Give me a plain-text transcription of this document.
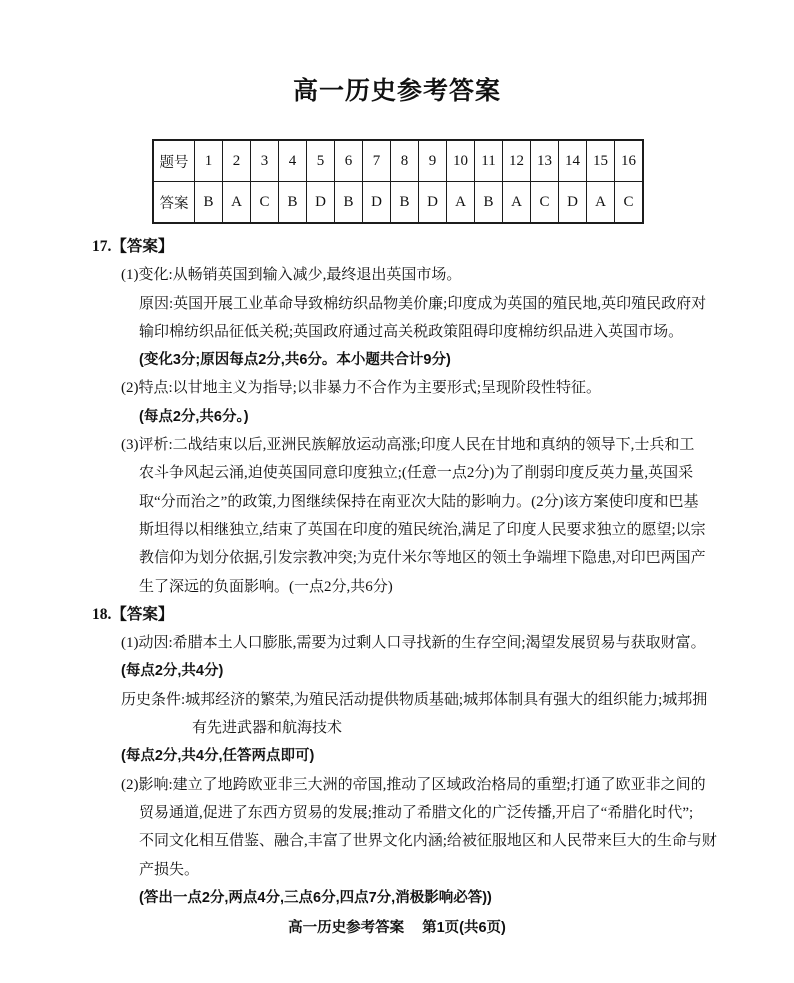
高一历史参考答案
题号	1	2	3	4	5	6	7	8	9	10	11	12	13	14	15	16
答案	B	A	C	B	D	B	D	B	D	A	B	A	C	D	A	C
17.【答案】
(1)变化:从畅销英国到输入减少,最终退出英国市场。
原因:英国开展工业革命导致棉纺织品物美价廉;印度成为英国的殖民地,英印殖民政府对
输印棉纺织品征低关税;英国政府通过高关税政策阻碍印度棉纺织品进入英国市场。
(变化3分;原因每点2分,共6分。本小题共合计9分)
(2)特点:以甘地主义为指导;以非暴力不合作为主要形式;呈现阶段性特征。
(每点2分,共6分。)
(3)评析:二战结束以后,亚洲民族解放运动高涨;印度人民在甘地和真纳的领导下,士兵和工
农斗争风起云涌,迫使英国同意印度独立;(任意一点2分)为了削弱印度反英力量,英国采
取“分而治之”的政策,力图继续保持在南亚次大陆的影响力。(2分)该方案使印度和巴基
斯坦得以相继独立,结束了英国在印度的殖民统治,满足了印度人民要求独立的愿望;以宗
教信仰为划分依据,引发宗教冲突;为克什米尔等地区的领土争端埋下隐患,对印巴两国产
生了深远的负面影响。(一点2分,共6分)
18.【答案】
(1)动因:希腊本土人口膨胀,需要为过剩人口寻找新的生存空间;渴望发展贸易与获取财富。
(每点2分,共4分)
历史条件:城邦经济的繁荣,为殖民活动提供物质基础;城邦体制具有强大的组织能力;城邦拥
有先进武器和航海技术
(每点2分,共4分,任答两点即可)
(2)影响:建立了地跨欧亚非三大洲的帝国,推动了区域政治格局的重塑;打通了欧亚非之间的
贸易通道,促进了东西方贸易的发展;推动了希腊文化的广泛传播,开启了“希腊化时代”;
不同文化相互借鉴、融合,丰富了世界文化内涵;给被征服地区和人民带来巨大的生命与财
产损失。
(答出一点2分,两点4分,三点6分,四点7分,消极影响必答))
高一历史参考答案 第1页(共6页)
